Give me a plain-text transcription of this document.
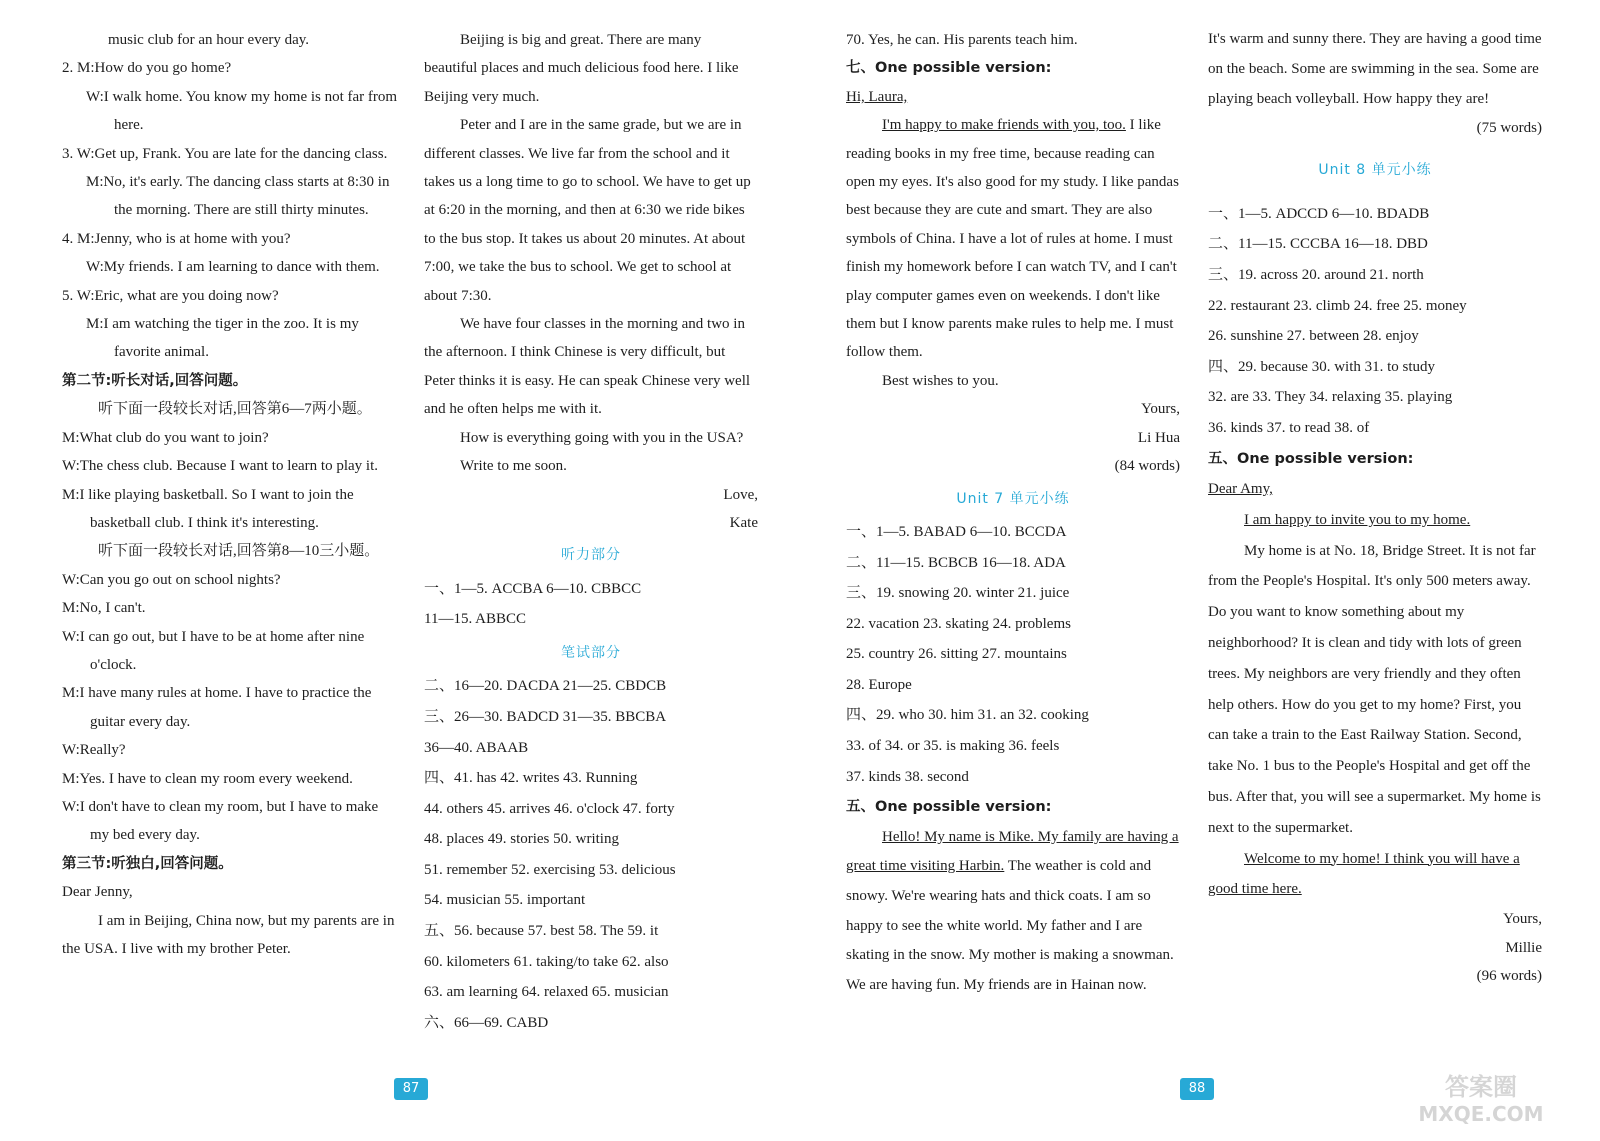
music club for an hour every day.

2. M:How do you go home?

W:I walk home. You know my home is not far from here.

3. W:Get up, Frank. You are late for the dancing class.

M:No, it's early. The dancing class starts at 8:30 in the morning. There are still thirty minutes.

4. M:Jenny, who is at home with you?

W:My friends. I am learning to dance with them.

5. W:Eric, what are you doing now?

M:I am watching the tiger in the zoo. It is my favorite animal.

第二节:听长对话,回答问题。

听下面一段较长对话,回答第6—7两小题。

M:What club do you want to join?

W:The chess club. Because I want to learn to play it.

M:I like playing basketball. So I want to join the basketball club. I think it's interesting.

听下面一段较长对话,回答第8—10三小题。

W:Can you go out on school nights?

M:No, I can't.

W:I can go out, but I have to be at home after nine o'clock.

M:I have many rules at home. I have to practice the guitar every day.

W:Really?

M:Yes. I have to clean my room every weekend.

W:I don't have to clean my room, but I have to make my bed every day.

第三节:听独白,回答问题。

Dear Jenny,

I am in Beijing, China now, but my parents are in the USA. I live with my brother Peter.

Beijing is big and great. There are many beautiful places and much delicious food here. I like Beijing very much.

Peter and I are in the same grade, but we are in different classes. We live far from the school and it takes us a long time to go to school. We have to get up at 6:20 in the morning, and then at 6:30 we ride bikes to the bus stop. It takes us about 20 minutes. At about 7:00, we take the bus to school. We get to school at about 7:30.

We have four classes in the morning and two in the afternoon. I think Chinese is very difficult, but Peter thinks it is easy. He can speak Chinese very well and he often helps me with it.

How is everything going with you in the USA?

Write to me soon.

Love,

Kate

听力部分

一、1—5. ACCBA 6—10. CBBCC

11—15. ABBCC

笔试部分

二、16—20. DACDA 21—25. CBDCB

三、26—30. BADCD 31—35. BBCBA

36—40. ABAAB

四、41. has 42. writes 43. Running

44. others 45. arrives 46. o'clock 47. forty

48. places 49. stories 50. writing

51. remember 52. exercising 53. delicious

54. musician 55. important

五、56. because 57. best 58. The 59. it

60. kilometers 61. taking/to take 62. also

63. am learning 64. relaxed 65. musician

六、66—69. CABD

70. Yes, he can. His parents teach him.

七、One possible version:

Hi, Laura,

I'm happy to make friends with you, too. I like reading books in my free time, because reading can open my eyes. It's also good for my study. I like pandas best because they are cute and smart. They are also symbols of China. I have a lot of rules at home. I must finish my homework before I can watch TV, and I can't play computer games even on weekends. I don't like them but I know parents make rules to help me. I must follow them.

Best wishes to you.

Yours,

Li Hua

(84 words)

Unit 7 单元小练

一、1—5. BABAD 6—10. BCCDA

二、11—15. BCBCB 16—18. ADA

三、19. snowing 20. winter 21. juice

22. vacation 23. skating 24. problems

25. country 26. sitting 27. mountains

28. Europe

四、29. who 30. him 31. an 32. cooking

33. of 34. or 35. is making 36. feels

37. kinds 38. second

五、One possible version:

Hello! My name is Mike. My family are having a great time visiting Harbin. The weather is cold and snowy. We're wearing hats and thick coats. I am so happy to see the white world. My father and I are skating in the snow. My mother is making a snowman. We are having fun. My friends are in Hainan now.

It's warm and sunny there. They are having a good time on the beach. Some are swimming in the sea. Some are playing beach volleyball. How happy they are!

(75 words)

Unit 8 单元小练

一、1—5. ADCCD 6—10. BDADB

二、11—15. CCCBA 16—18. DBD

三、19. across 20. around 21. north

22. restaurant 23. climb 24. free 25. money

26. sunshine 27. between 28. enjoy

四、29. because 30. with 31. to study

32. are 33. They 34. relaxing 35. playing

36. kinds 37. to read 38. of

五、One possible version:

Dear Amy,

I am happy to invite you to my home.

My home is at No. 18, Bridge Street. It is not far from the People's Hospital. It's only 500 meters away. Do you want to know something about my neighborhood? It is clean and tidy with lots of green trees. My neighbors are very friendly and they often help others. How do you get to my home? First, you can take a train to the East Railway Station. Second, take No. 1 bus to the People's Hospital and get off the bus. After that, you will see a supermarket. My home is next to the supermarket.

Welcome to my home! I think you will have a good time here.

Yours,

Millie

(96 words)

87	88	答案圈
MXQE.COM
